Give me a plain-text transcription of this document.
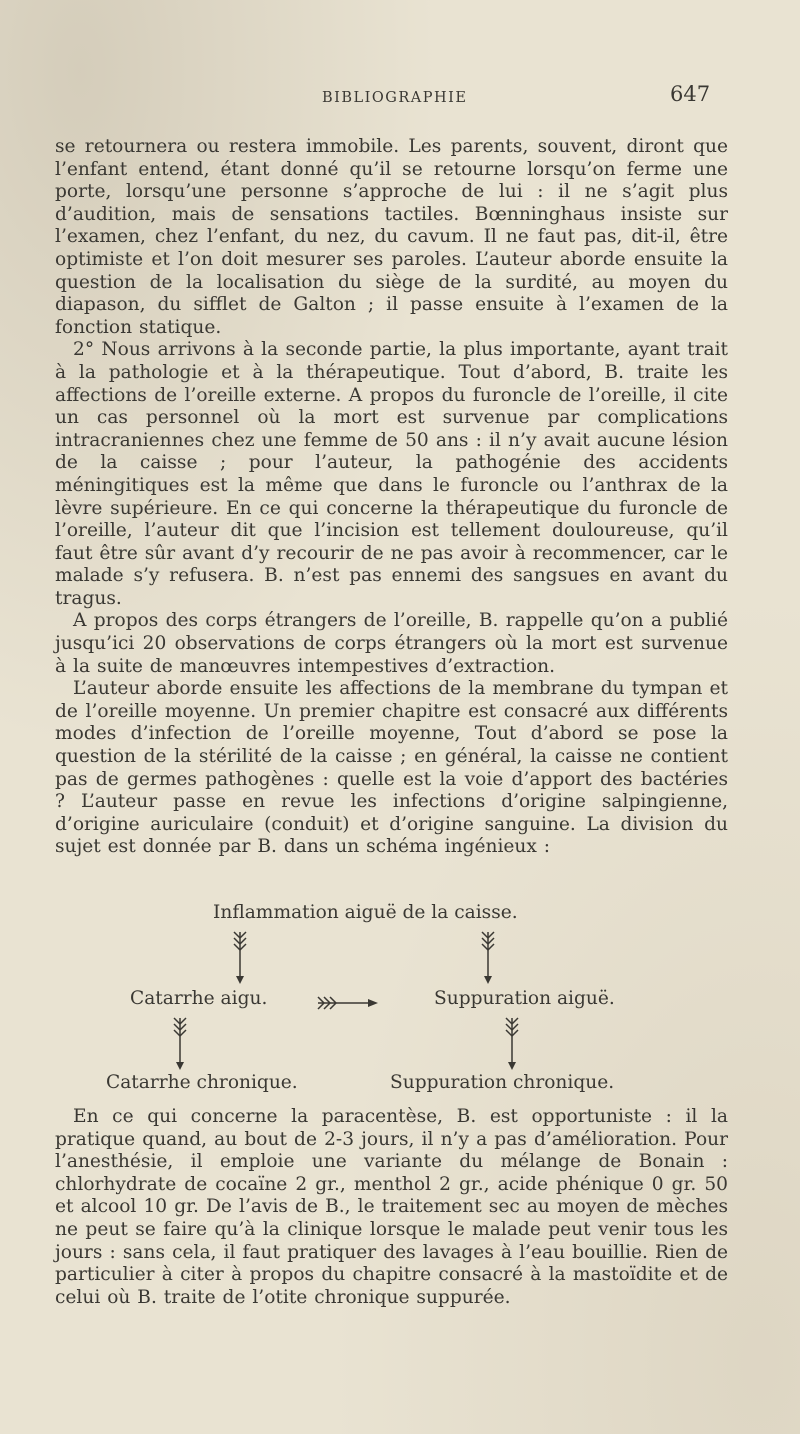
BIBLIOGRAPHIE	647

se retournera ou restera immobile. Les parents, souvent, diront que l’enfant entend, étant donné qu’il se retourne lorsqu’on ferme une porte, lorsqu’une personne s’approche de lui : il ne s’agit plus d’audition, mais de sensations tactiles. Bœnninghaus insiste sur l’examen, chez l’enfant, du nez, du cavum. Il ne faut pas, dit-il, être optimiste et l’on doit mesurer ses paroles. L’auteur aborde ensuite la question de la localisation du siège de la surdité, au moyen du diapason, du sifflet de Galton ; il passe ensuite à l’examen de la fonction statique.

2° Nous arrivons à la seconde partie, la plus importante, ayant trait à la pathologie et à la thérapeutique. Tout d’abord, B. traite les affections de l’oreille externe. A propos du furoncle de l’oreille, il cite un cas personnel où la mort est survenue par complications intracraniennes chez une femme de 50 ans : il n’y avait aucune lésion de la caisse ; pour l’auteur, la pathogénie des accidents méningitiques est la même que dans le furoncle ou l’anthrax de la lèvre supérieure. En ce qui concerne la thérapeutique du furoncle de l’oreille, l’auteur dit que l’incision est tellement douloureuse, qu’il faut être sûr avant d’y recourir de ne pas avoir à recommencer, car le malade s’y refusera. B. n’est pas ennemi des sangsues en avant du tragus.

A propos des corps étrangers de l’oreille, B. rappelle qu’on a publié jusqu’ici 20 observations de corps étrangers où la mort est survenue à la suite de manœuvres intempestives d’extraction.

L’auteur aborde ensuite les affections de la membrane du tympan et de l’oreille moyenne. Un premier chapitre est consacré aux différents modes d’infection de l’oreille moyenne, Tout d’abord se pose la question de la stérilité de la caisse ; en général, la caisse ne contient pas de germes pathogènes : quelle est la voie d’apport des bactéries ? L’auteur passe en revue les infections d’origine salpingienne, d’origine auriculaire (conduit) et d’origine sanguine. La division du sujet est donnée par B. dans un schéma ingénieux :

Inflammation aiguë de la caisse.
Catarrhe aigu.	Suppuration aiguë.
Catarrhe chronique.	Suppuration chronique.

En ce qui concerne la paracentèse, B. est opportuniste : il la pratique quand, au bout de 2-3 jours, il n’y a pas d’amélioration. Pour l’anesthésie, il emploie une variante du mélange de Bonain : chlorhydrate de cocaïne 2 gr., menthol 2 gr., acide phénique 0 gr. 50 et alcool 10 gr. De l’avis de B., le traitement sec au moyen de mèches ne peut se faire qu’à la clinique lorsque le malade peut venir tous les jours : sans cela, il faut pratiquer des lavages à l’eau bouillie. Rien de particulier à citer à propos du chapitre consacré à la mastoïdite et de celui où B. traite de l’otite chronique suppurée.
